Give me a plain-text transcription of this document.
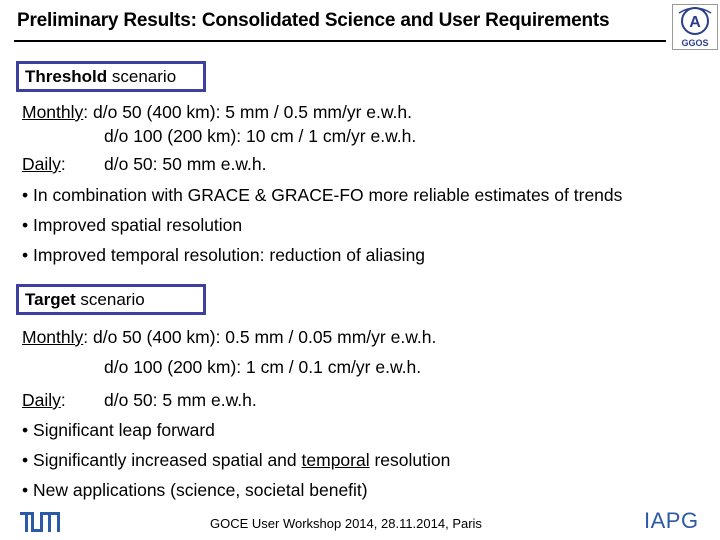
Preliminary Results: Consolidated Science and User Requirements	A
GGOS
Threshold scenario
Monthly: d/o 50 (400 km): 5 mm / 0.5 mm/yr e.w.h.
d/o 100 (200 km): 10 cm / 1 cm/yr e.w.h.
Daily: d/o 50: 50 mm e.w.h.
• In combination with GRACE & GRACE-FO more reliable estimates of trends
• Improved spatial resolution
• Improved temporal resolution: reduction of aliasing
Target scenario
Monthly: d/o 50 (400 km): 0.5 mm / 0.05 mm/yr e.w.h.
d/o 100 (200 km): 1 cm / 0.1 cm/yr e.w.h.
Daily: d/o 50: 5 mm e.w.h.
• Significant leap forward
• Significantly increased spatial and temporal resolution
• New applications (science, societal benefit)
GOCE User Workshop 2014, 28.11.2014, Paris	IAPG
